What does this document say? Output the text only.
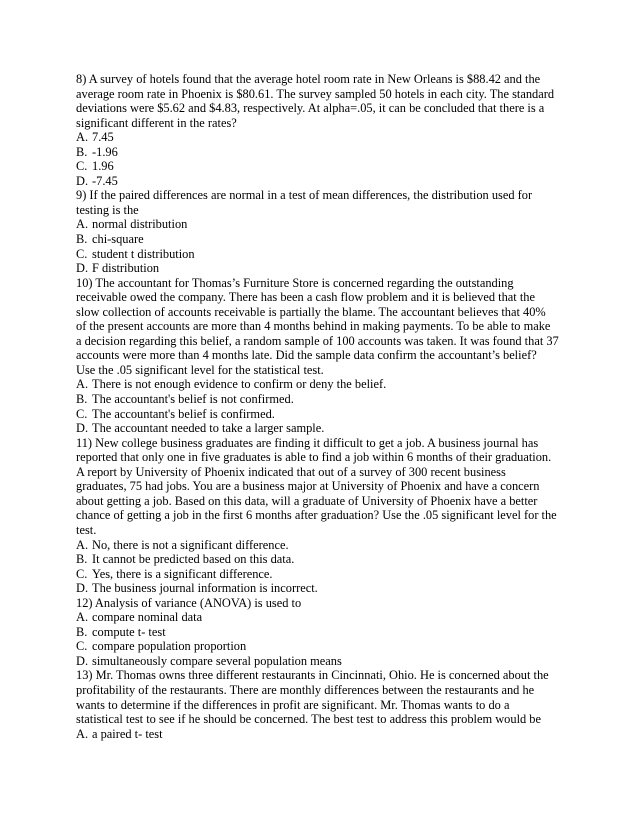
8) A survey of hotels found that the average hotel room rate in New Orleans is $88.42 and the
average room rate in Phoenix is $80.61. The survey sampled 50 hotels in each city. The standard
deviations were $5.62 and $4.83, respectively. At alpha=.05, it can be concluded that there is a
significant different in the rates?
A. 7.45
B. -1.96
C. 1.96
D. -7.45
9) If the paired differences are normal in a test of mean differences, the distribution used for
testing is the
A. normal distribution
B. chi-square
C. student t distribution
D. F distribution
10) The accountant for Thomas’s Furniture Store is concerned regarding the outstanding
receivable owed the company. There has been a cash flow problem and it is believed that the
slow collection of accounts receivable is partially the blame. The accountant believes that 40%
of the present accounts are more than 4 months behind in making payments. To be able to make
a decision regarding this belief, a random sample of 100 accounts was taken. It was found that 37
accounts were more than 4 months late. Did the sample data confirm the accountant’s belief?
Use the .05 significant level for the statistical test.
A. There is not enough evidence to confirm or deny the belief.
B. The accountant's belief is not confirmed.
C. The accountant's belief is confirmed.
D. The accountant needed to take a larger sample.
11) New college business graduates are finding it difficult to get a job. A business journal has
reported that only one in five graduates is able to find a job within 6 months of their graduation.
A report by University of Phoenix indicated that out of a survey of 300 recent business
graduates, 75 had jobs. You are a business major at University of Phoenix and have a concern
about getting a job. Based on this data, will a graduate of University of Phoenix have a better
chance of getting a job in the first 6 months after graduation? Use the .05 significant level for the
test.
A. No, there is not a significant difference.
B. It cannot be predicted based on this data.
C. Yes, there is a significant difference.
D. The business journal information is incorrect.
12) Analysis of variance (ANOVA) is used to
A. compare nominal data
B. compute t- test
C. compare population proportion
D. simultaneously compare several population means
13) Mr. Thomas owns three different restaurants in Cincinnati, Ohio. He is concerned about the
profitability of the restaurants. There are monthly differences between the restaurants and he
wants to determine if the differences in profit are significant. Mr. Thomas wants to do a
statistical test to see if he should be concerned. The best test to address this problem would be
A. a paired t- test
